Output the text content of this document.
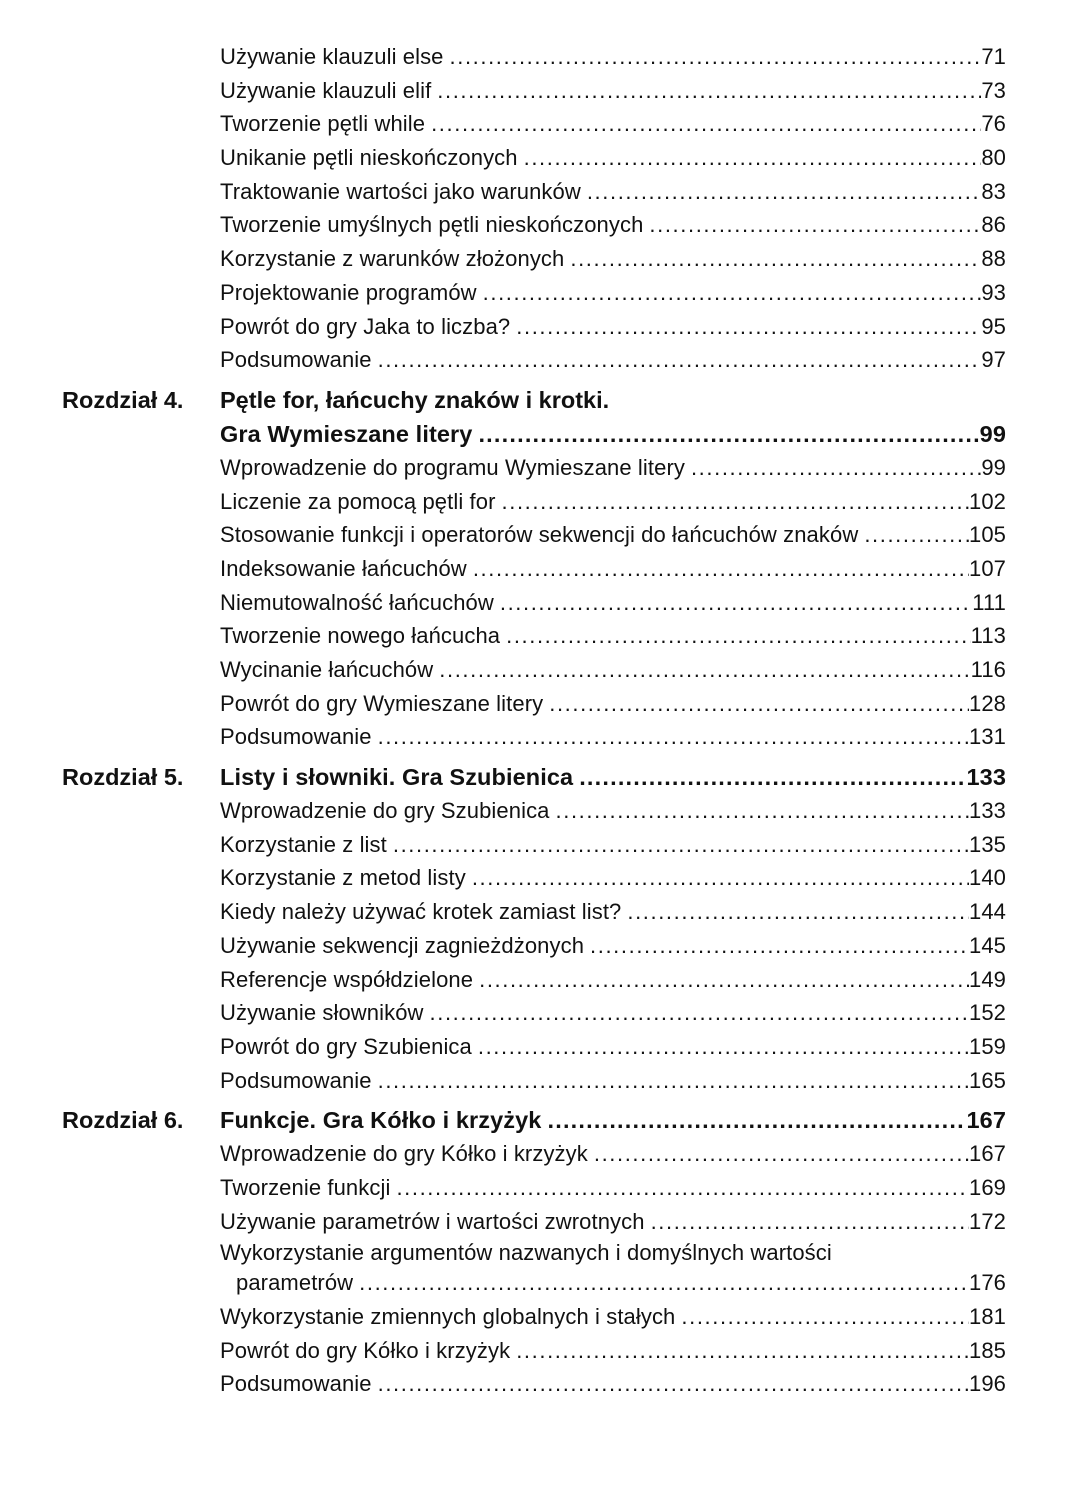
Używanie klauzuli else .....	71
Używanie klauzuli elif .....	73
Tworzenie pętli while .....	76
Unikanie pętli nieskończonych .....	80
Traktowanie wartości jako warunków .....	83
Tworzenie umyślnych pętli nieskończonych .....	86
Korzystanie z warunków złożonych .....	88
Projektowanie programów .....	93
Powrót do gry Jaka to liczba? .....	95
Podsumowanie .....	97
Rozdział 4. Pętle for, łańcuchy znaków i krotki.
Gra Wymieszane litery .....	99
Wprowadzenie do programu Wymieszane litery .....	99
Liczenie za pomocą pętli for .....	102
Stosowanie funkcji i operatorów sekwencji do łańcuchów znaków .....	105
Indeksowanie łańcuchów .....	107
Niemutowalność łańcuchów .....	111
Tworzenie nowego łańcucha .....	113
Wycinanie łańcuchów .....	116
Powrót do gry Wymieszane litery .....	128
Podsumowanie .....	131
Rozdział 5. Listy i słowniki. Gra Szubienica .....	133
Wprowadzenie do gry Szubienica .....	133
Korzystanie z list .....	135
Korzystanie z metod listy .....	140
Kiedy należy używać krotek zamiast list? .....	144
Używanie sekwencji zagnieżdżonych .....	145
Referencje współdzielone .....	149
Używanie słowników .....	152
Powrót do gry Szubienica .....	159
Podsumowanie .....	165
Rozdział 6. Funkcje. Gra Kółko i krzyżyk .....	167
Wprowadzenie do gry Kółko i krzyżyk .....	167
Tworzenie funkcji .....	169
Używanie parametrów i wartości zwrotnych .....	172
Wykorzystanie argumentów nazwanych i domyślnych wartości
parametrów .....	176
Wykorzystanie zmiennych globalnych i stałych .....	181
Powrót do gry Kółko i krzyżyk .....	185
Podsumowanie .....	196
